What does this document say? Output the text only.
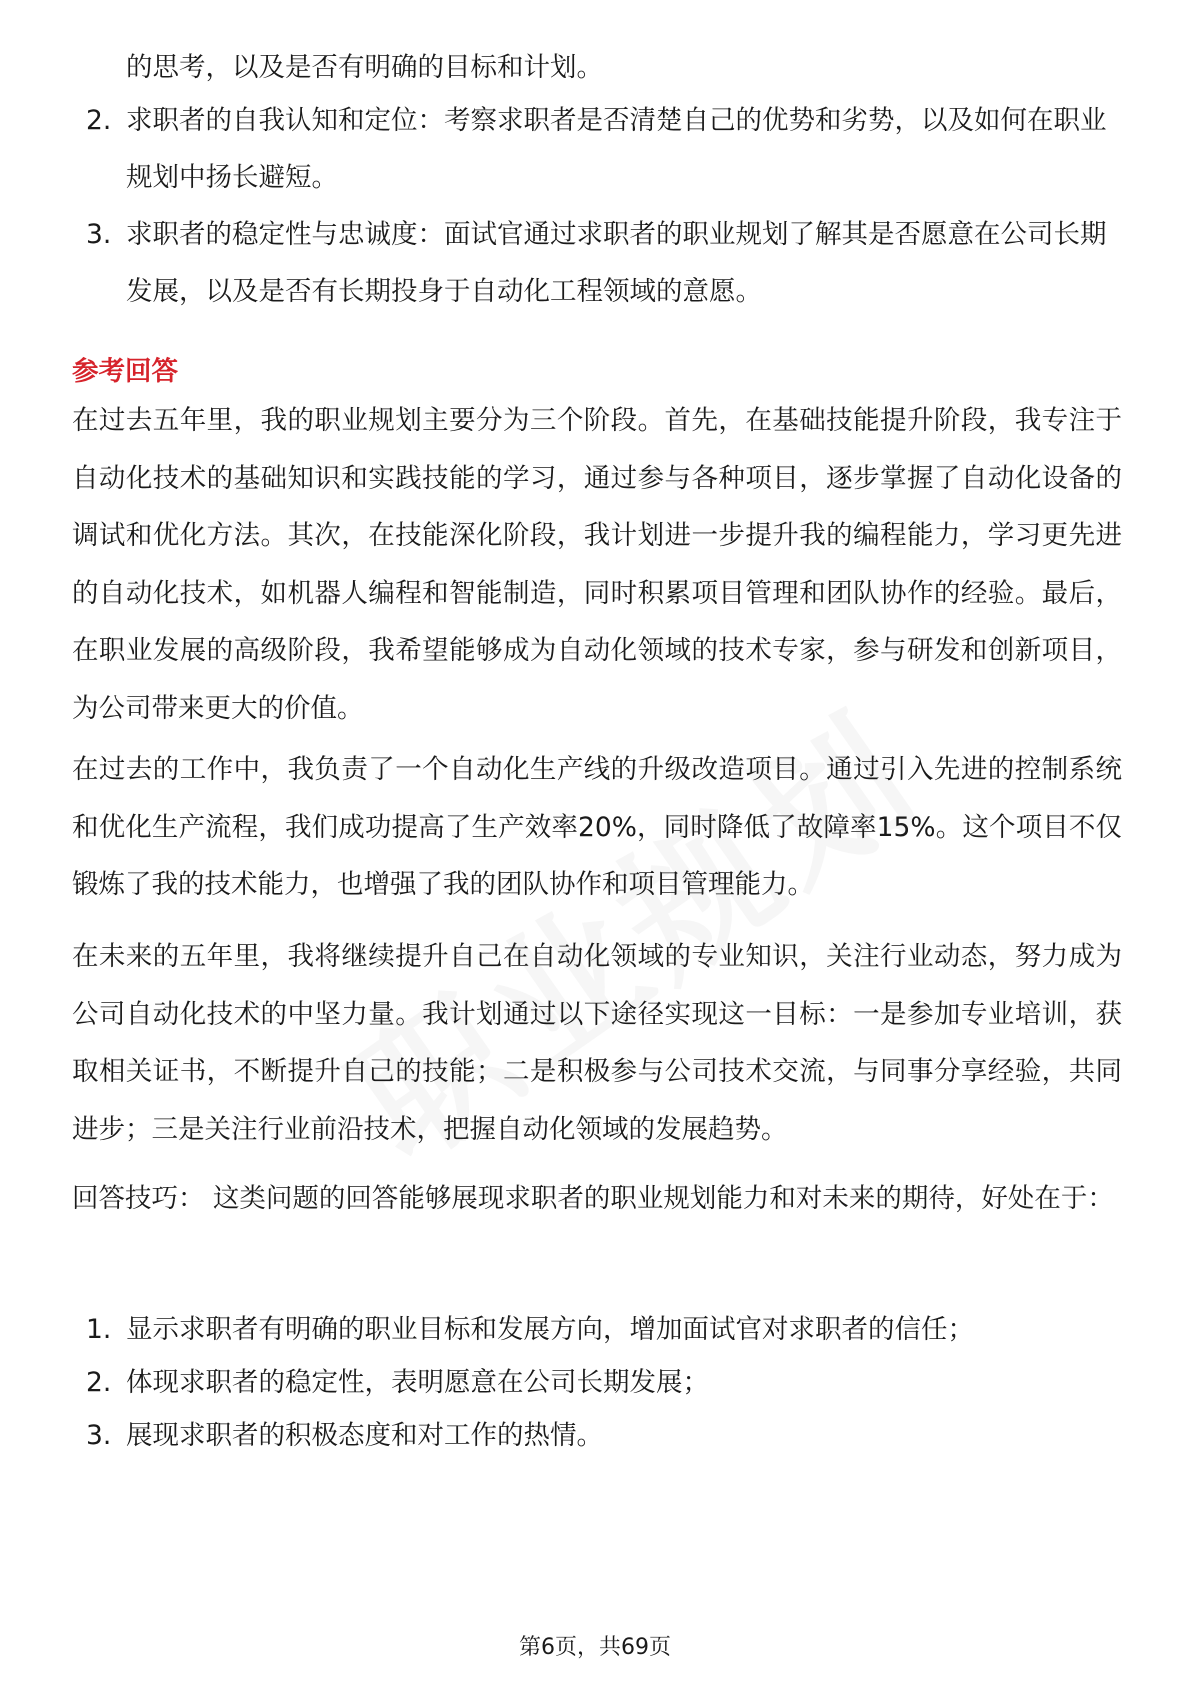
的思考，以及是否有明确的目标和计划。
2. 求职者的自我认知和定位：考察求职者是否清楚自己的优势和劣势，以及如何在职业规划中扬长避短。
3. 求职者的稳定性与忠诚度：面试官通过求职者的职业规划了解其是否愿意在公司长期发展，以及是否有长期投身于自动化工程领域的意愿。
参考回答
在过去五年里，我的职业规划主要分为三个阶段。首先，在基础技能提升阶段，我专注于自动化技术的基础知识和实践技能的学习，通过参与各种项目，逐步掌握了自动化设备的调试和优化方法。其次，在技能深化阶段，我计划进一步提升我的编程能力，学习更先进的自动化技术，如机器人编程和智能制造，同时积累项目管理和团队协作的经验。最后，在职业发展的高级阶段，我希望能够成为自动化领域的技术专家，参与研发和创新项目，为公司带来更大的价值。
在过去的工作中，我负责了一个自动化生产线的升级改造项目。通过引入先进的控制系统和优化生产流程，我们成功提高了生产效率20%，同时降低了故障率15%。这个项目不仅锻炼了我的技术能力，也增强了我的团队协作和项目管理能力。
在未来的五年里，我将继续提升自己在自动化领域的专业知识，关注行业动态，努力成为公司自动化技术的中坚力量。我计划通过以下途径实现这一目标：一是参加专业培训，获取相关证书，不断提升自己的技能；二是积极参与公司技术交流，与同事分享经验，共同进步；三是关注行业前沿技术，把握自动化领域的发展趋势。
回答技巧： 这类问题的回答能够展现求职者的职业规划能力和对未来的期待，好处在于：
1. 显示求职者有明确的职业目标和发展方向，增加面试官对求职者的信任；
2. 体现求职者的稳定性，表明愿意在公司长期发展；
3. 展现求职者的积极态度和对工作的热情。
第6页，共69页
